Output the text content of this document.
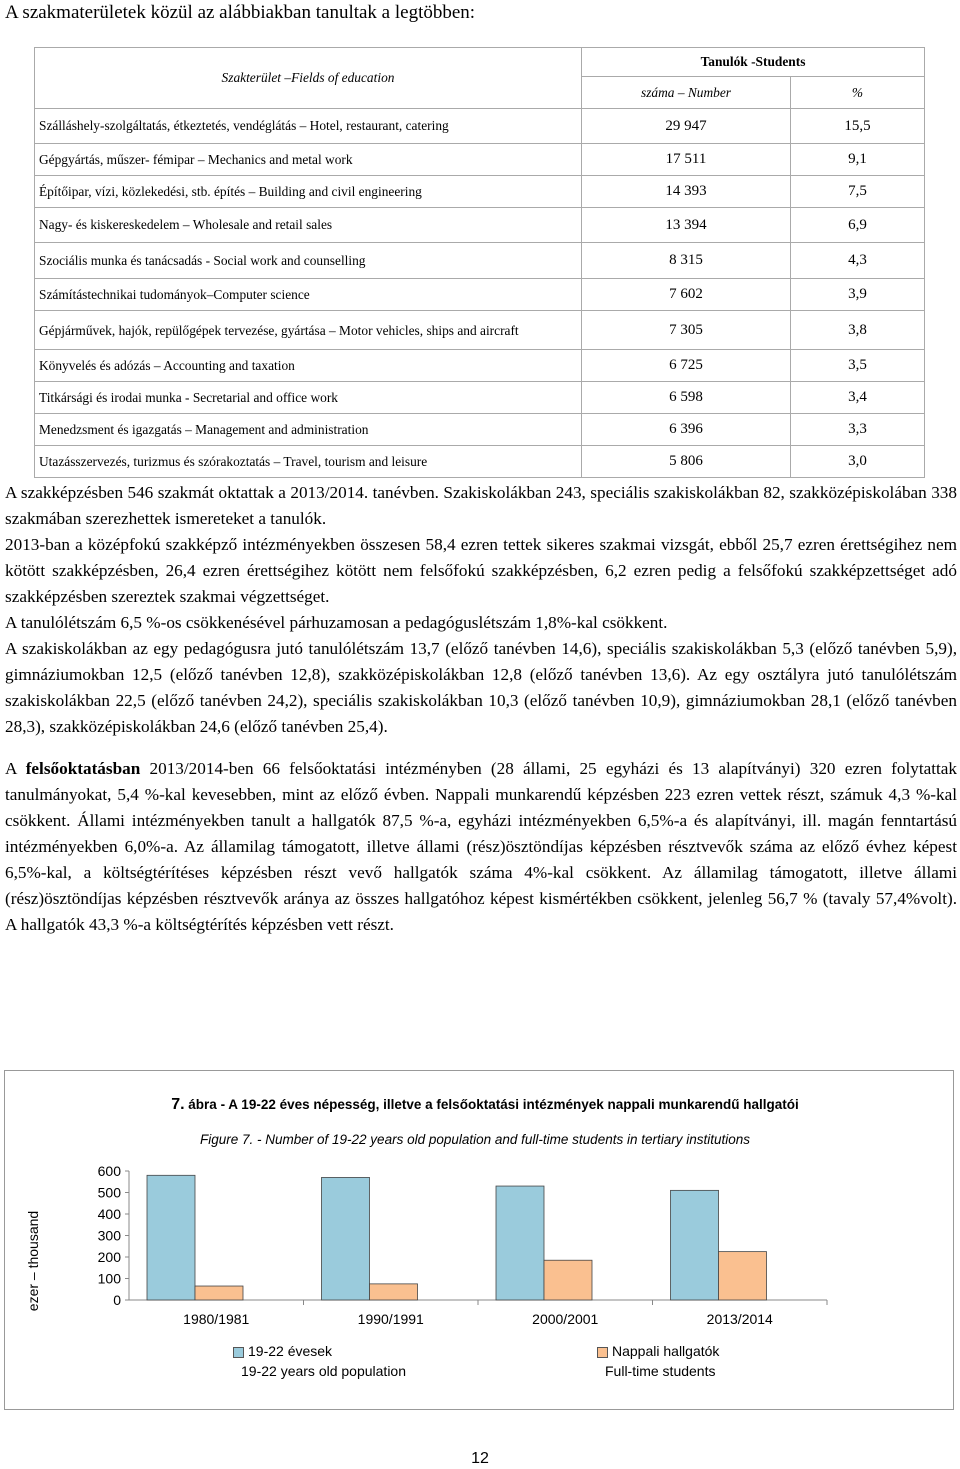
A szakmaterületek közül az alábbiakban tanultak a legtöbben:
Szakterület –Fields of education	Tanulók -Students	
	száma – Number	%
Szálláshely-szolgáltatás, étkeztetés, vendéglátás – Hotel, restaurant, catering	29 947	15,5
Gépgyártás, műszer- fémipar – Mechanics and metal work	17 511	9,1
Építőipar, vízi, közlekedési, stb. építés – Building and civil engineering	14 393	7,5
Nagy- és kiskereskedelem – Wholesale and retail sales	13 394	6,9
Szociális munka és tanácsadás - Social work and counselling	8 315	4,3
Számítástechnikai tudományok–Computer science	7 602	3,9
Gépjárművek, hajók, repülőgépek tervezése, gyártása – Motor vehicles, ships and aircraft	7 305	3,8
Könyvelés és adózás – Accounting and taxation	6 725	3,5
Titkársági és irodai munka - Secretarial and office work	6 598	3,4
Menedzsment és igazgatás – Management and administration	6 396	3,3
Utazásszervezés, turizmus és szórakoztatás – Travel, tourism and leisure	5 806	3,0

A szakképzésben 546 szakmát oktattak a 2013/2014. tanévben. Szakiskolákban 243, speciális szakiskolákban 82, szakközépiskolában 338 szakmában szerezhettek ismereteket a tanulók.

2013-ban a középfokú szakképző intézményekben összesen 58,4 ezren tettek sikeres szakmai vizsgát, ebből 25,7 ezren érettségihez nem kötött szakképzésben, 26,4 ezren érettségihez kötött nem felsőfokú szakképzésben, 6,2 ezren pedig a felsőfokú szakképzettséget adó szakképzésben szereztek szakmai végzettséget.

A tanulólétszám 6,5 %-os csökkenésével párhuzamosan a pedagóguslétszám 1,8%-kal csökkent.

A szakiskolákban az egy pedagógusra jutó tanulólétszám 13,7 (előző tanévben 14,6), speciális szakiskolákban 5,3 (előző tanévben 5,9), gimnáziumokban 12,5 (előző tanévben 12,8), szakközépiskolákban 12,8 (előző tanévben 13,6). Az egy osztályra jutó tanulólétszám szakiskolákban 22,5 (előző tanévben 24,2), speciális szakiskolákban 10,3 (előző tanévben 10,9), gimnáziumokban 28,1 (előző tanévben 28,3), szakközépiskolákban 24,6 (előző tanévben 25,4).

A felsőoktatásban 2013/2014-ben 66 felsőoktatási intézményben (28 állami, 25 egyházi és 13 alapítványi) 320 ezren folytattak tanulmányokat, 5,4 %-kal kevesebben, mint az előző évben. Nappali munkarendű képzésben 223 ezren vettek részt, számuk 4,3 %-kal csökkent. Állami intézményekben tanult a hallgatók 87,5 %-a, egyházi intézményekben 6,5%-a és alapítványi, ill. magán fenntartású intézményekben 6,0%-a. Az államilag támogatott, illetve állami (rész)ösztöndíjas képzésben résztvevők száma az előző évhez képest 6,5%-kal, a költségtérítéses képzésben részt vevő hallgatók száma 4%-kal csökkent. Az államilag támogatott, illetve állami (rész)ösztöndíjas képzésben résztvevők aránya az összes hallgatóhoz képest kismértékben csökkent, jelenleg 56,7 % (tavaly 57,4%volt). A hallgatók 43,3 %-a költségtérítés képzésben vett részt.

7. ábra - A 19-22 éves népesség, illetve a felsőoktatási intézmények nappali munkarendű hallgatói
Figure 7. - Number of 19-22 years old population and full-time students in tertiary institutions
ezer – thousand	0
100
200
300
400
500
600
1980/1981	1990/1991	2000/2001	2013/2014
19-22 évesek
19-22 years old population
Nappali hallgatók
Full-time students
12
